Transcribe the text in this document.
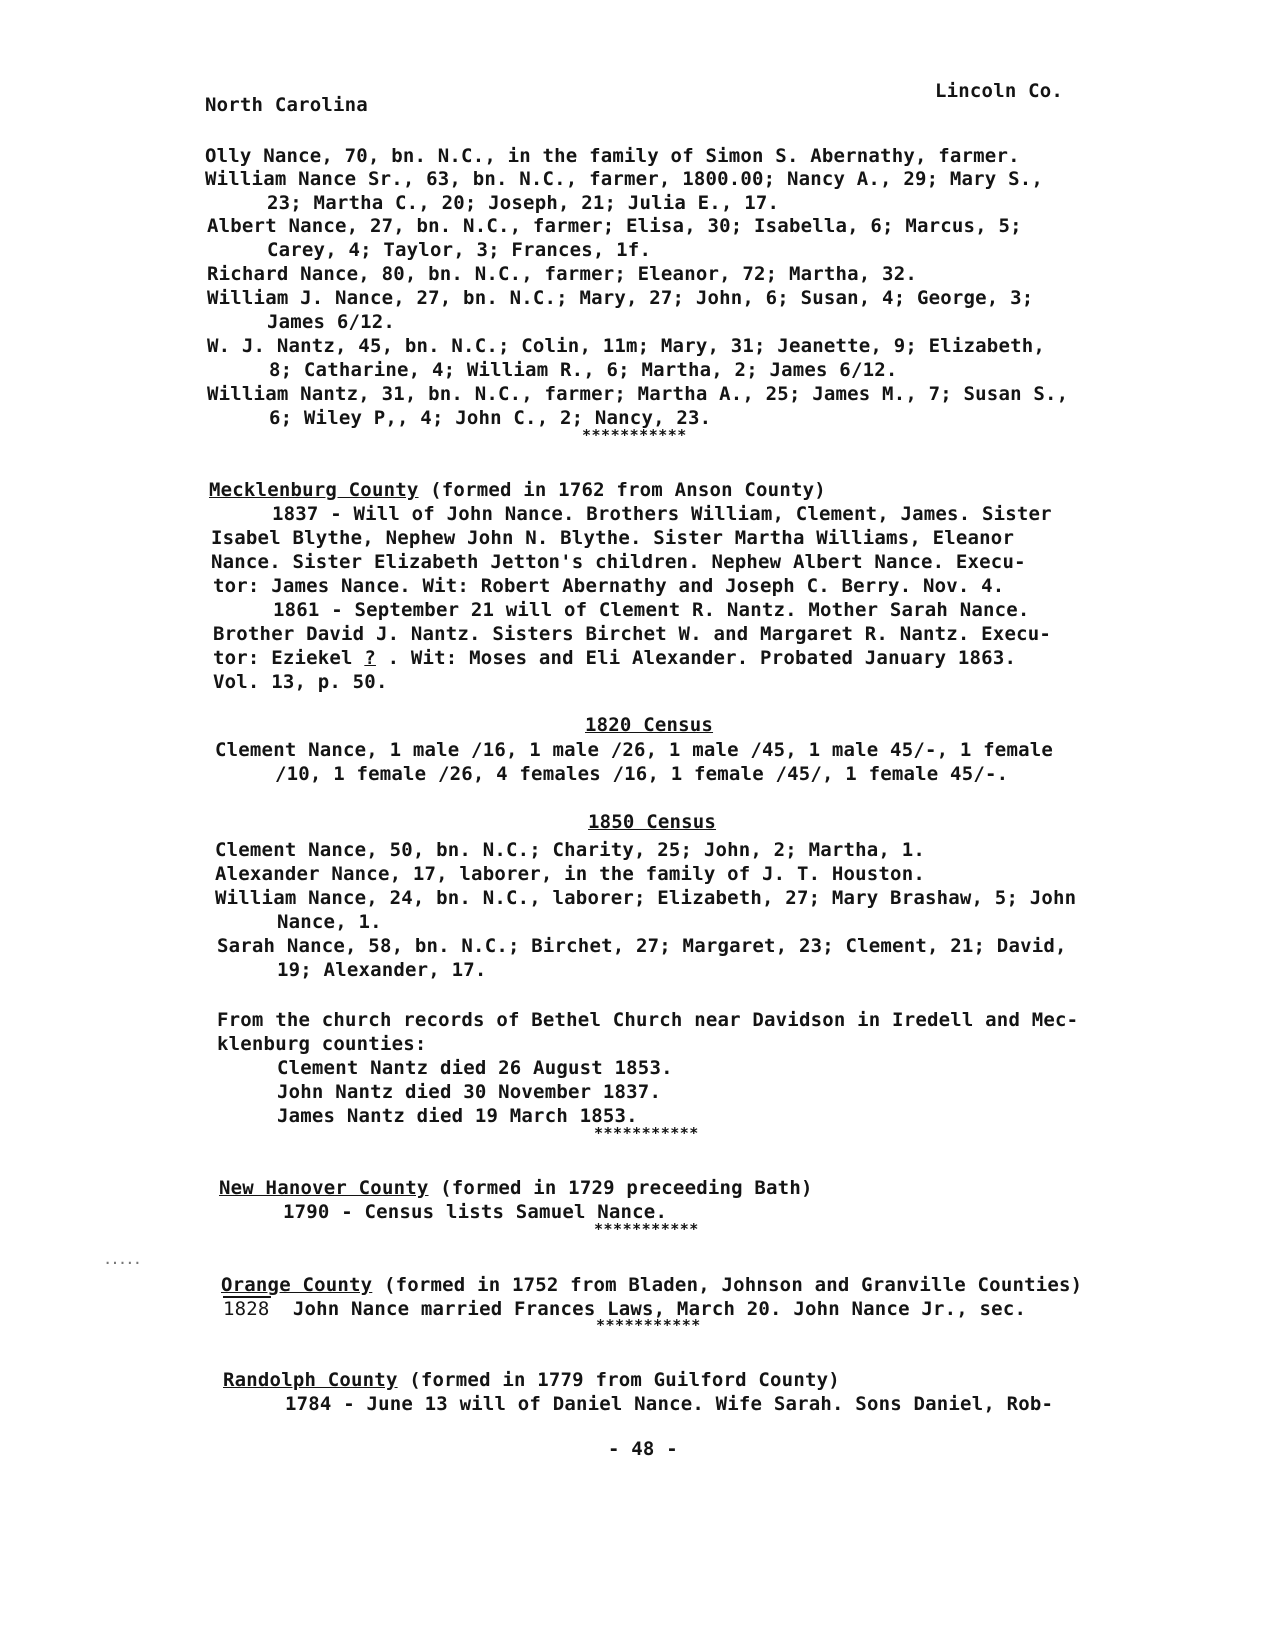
North Carolina
Lincoln Co.
Olly Nance, 70, bn. N.C., in the family of Simon S. Abernathy, farmer.
William Nance Sr., 63, bn. N.C., farmer, 1800.00; Nancy A., 29; Mary S.,
23; Martha C., 20; Joseph, 21; Julia E., 17.
Albert Nance, 27, bn. N.C., farmer; Elisa, 30; Isabella, 6; Marcus, 5;
Carey, 4; Taylor, 3; Frances, 1f.
Richard Nance, 80, bn. N.C., farmer; Eleanor, 72; Martha, 32.
William J. Nance, 27, bn. N.C.; Mary, 27; John, 6; Susan, 4; George, 3;
James 6/12.
W. J. Nantz, 45, bn. N.C.; Colin, 11m; Mary, 31; Jeanette, 9; Elizabeth,
8; Catharine, 4; William R., 6; Martha, 2; James 6/12.
William Nantz, 31, bn. N.C., farmer; Martha A., 25; James M., 7; Susan S.,
6; Wiley P,, 4; John C., 2; Nancy, 23.
***********
Mecklenburg County (formed in 1762 from Anson County)
1837 - Will of John Nance. Brothers William, Clement, James. Sister
Isabel Blythe, Nephew John N. Blythe. Sister Martha Williams, Eleanor
Nance. Sister Elizabeth Jetton's children. Nephew Albert Nance. Execu-
tor: James Nance. Wit: Robert Abernathy and Joseph C. Berry. Nov. 4.
1861 - September 21 will of Clement R. Nantz. Mother Sarah Nance.
Brother David J. Nantz. Sisters Birchet W. and Margaret R. Nantz. Execu-
tor: Eziekel ? . Wit: Moses and Eli Alexander. Probated January 1863.
Vol. 13, p. 50.
1820 Census
Clement Nance, 1 male /16, 1 male /26, 1 male /45, 1 male 45/-, 1 female
/10, 1 female /26, 4 females /16, 1 female /45/, 1 female 45/-.
1850 Census
Clement Nance, 50, bn. N.C.; Charity, 25; John, 2; Martha, 1.
Alexander Nance, 17, laborer, in the family of J. T. Houston.
William Nance, 24, bn. N.C., laborer; Elizabeth, 27; Mary Brashaw, 5; John
Nance, 1.
Sarah Nance, 58, bn. N.C.; Birchet, 27; Margaret, 23; Clement, 21; David,
19; Alexander, 17.
From the church records of Bethel Church near Davidson in Iredell and Mec-
klenburg counties:
Clement Nantz died 26 August 1853.
John Nantz died 30 November 1837.
James Nantz died 19 March 1853.
***********
New Hanover County (formed in 1729 preceeding Bath)
1790 - Census lists Samuel Nance.
***********
.....
Orange County (formed in 1752 from Bladen, Johnson and Granville Counties)
1828 John Nance married Frances Laws, March 20. John Nance Jr., sec.
***********
Randolph County (formed in 1779 from Guilford County)
1784 - June 13 will of Daniel Nance. Wife Sarah. Sons Daniel, Rob-
- 48 -
